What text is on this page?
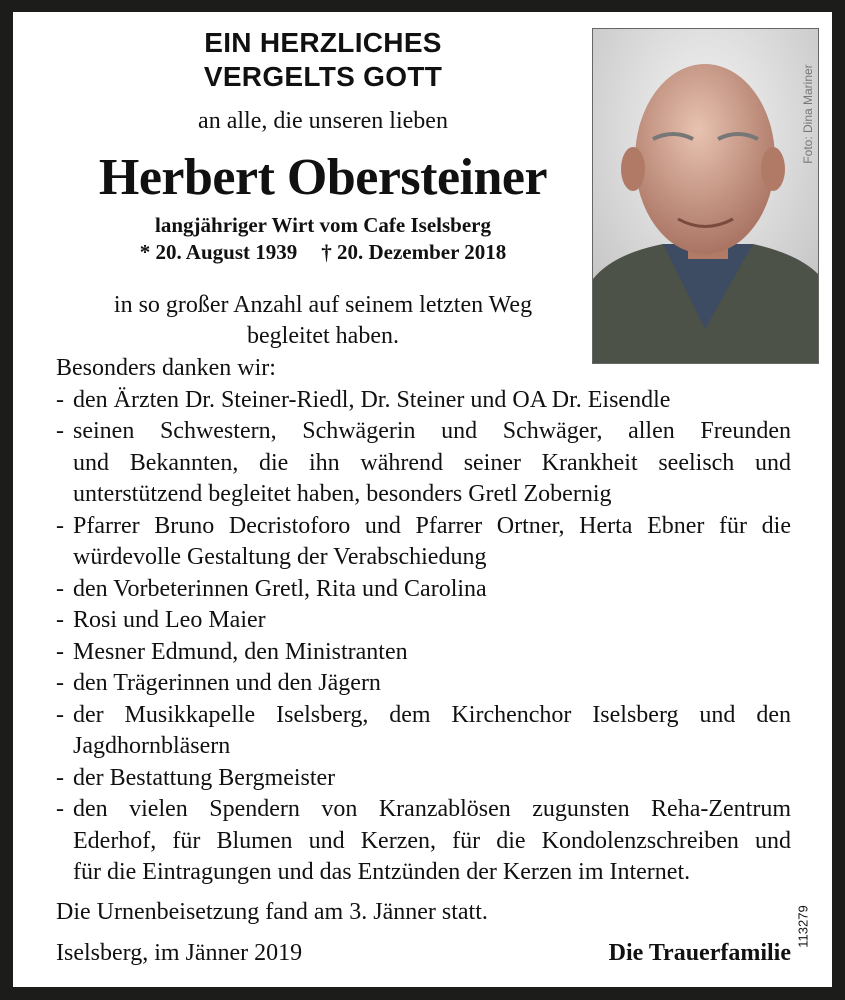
EIN HERZLICHES
VERGELTS GOTT
an alle, die unseren lieben
Herbert Obersteiner
langjähriger Wirt vom Cafe Iselsberg
* 20. August 1939 † 20. Dezember 2018
in so großer Anzahl auf seinem letzten Weg
begleitet haben.
Foto: Dina Mariner
Besonders danken wir:
- den Ärzten Dr. Steiner-Riedl, Dr. Steiner und OA Dr. Eisendle
- seinen Schwestern, Schwägerin und Schwäger, allen Freunden
und Bekannten, die ihn während seiner Krankheit seelisch und
unterstützend begleitet haben, besonders Gretl Zobernig
- Pfarrer Bruno Decristoforo und Pfarrer Ortner, Herta Ebner für die
würdevolle Gestaltung der Verabschiedung
- den Vorbeterinnen Gretl, Rita und Carolina
- Rosi und Leo Maier
- Mesner Edmund, den Ministranten
- den Trägerinnen und den Jägern
- der Musikkapelle Iselsberg, dem Kirchenchor Iselsberg und den
Jagdhornbläsern
- der Bestattung Bergmeister
- den vielen Spendern von Kranzablösen zugunsten Reha-Zentrum
Ederhof, für Blumen und Kerzen, für die Kondolenzschreiben und
für die Eintragungen und das Entzünden der Kerzen im Internet.
Die Urnenbeisetzung fand am 3. Jänner statt.
Iselsberg, im Jänner 2019	Die Trauerfamilie
113279
